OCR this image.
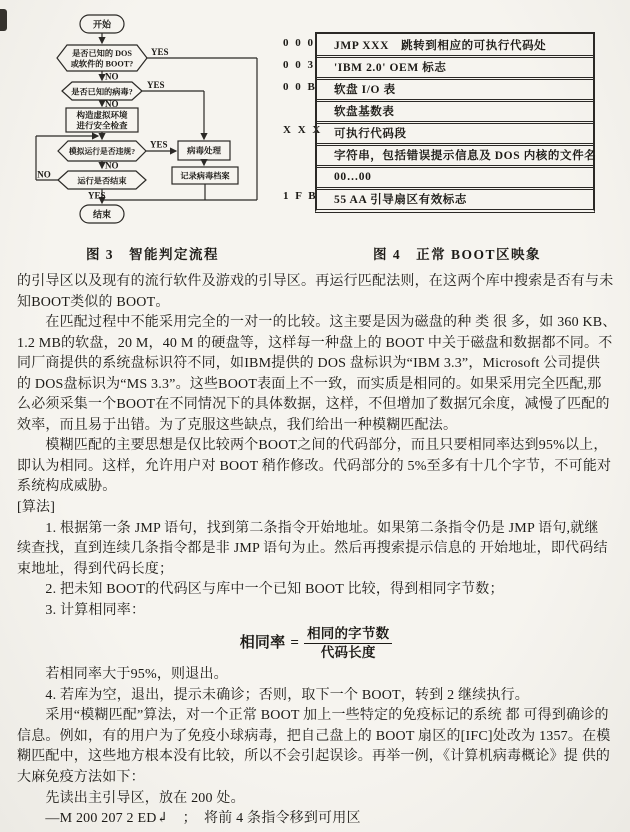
开始
是否已知的 DOS
或软件的 BOOT?
YES
NO
是否已知的病毒?
YES
NO
构造虚拟环境
进行安全检查
模拟运行是否违规?
YES
NO
病毒处理
记录病毒档案
运行是否结束
NO
YES
结束
图 3　智能判定流程
0 0 0
0 0 3
0 0 B
X X X
1 F B
JMP XXX　跳转到相应的可执行代码处
'IBM 2.0' OEM 标志
软盘 I/O 表
软盘基数表
可执行代码段
字符串，包括错误提示信息及 DOS 内核的文件名
00…00
55 AA 引导扇区有效标志
图 4　正常 BOOT区映象
的引导区以及现有的流行软件及游戏的引导区。再运行匹配法则，在这两个库中搜索是否有与未
知BOOT类似的 BOOT。
　　在匹配过程中不能采用完全的一对一的比较。这主要是因为磁盘的种 类 很 多，如 360 KB、
1.2 MB的软盘，20 M，40 M 的硬盘等，这样每一种盘上的 BOOT 中关于磁盘和数据都不同。不
同厂商提供的系统盘标识符不同，如IBM提供的 DOS 盘标识为“IBM 3.3”，Microsoft 公司提供
的 DOS盘标识为“MS 3.3”。这些BOOT表面上不一致，而实质是相同的。如果采用完全匹配,那
么必须采集一个BOOT在不同情况下的具体数据，这样，不但增加了数据冗余度，减慢了匹配的
效率，而且易于出错。为了克服这些缺点，我们给出一种模糊匹配法。
　　模糊匹配的主要思想是仅比较两个BOOT之间的代码部分，而且只要相同率达到95%以上，
即认为相同。这样，允许用户对 BOOT 稍作修改。代码部分的 5%至多有十几个字节，不可能对
系统构成威胁。
[算法]
　　1. 根据第一条 JMP 语句，找到第二条指令开始地址。如果第二条指令仍是 JMP 语句,就继
续查找，直到连续几条指令都是非 JMP 语句为止。然后再搜索提示信息的 开始地址，即代码结
束地址，得到代码长度；
　　2. 把未知 BOOT的代码区与库中一个已知 BOOT 比较，得到相同字节数；
　　3. 计算相同率：
相同率 = $\frac{\text{相同的字节数}}{\text{代码长度}}$
　　若相同率大于95%，则退出。
　　4. 若库为空，退出，提示未确诊；否则，取下一个 BOOT，转到 2 继续执行。
　　采用“模糊匹配”算法，对一个正常 BOOT 加上一些特定的免疫标记的系统 都 可得到确诊的
信息。例如，有的用户为了免疫小球病毒，把自己盘上的 BOOT 扇区的[IFC]处改为 1357。在模
糊匹配中，这些地方根本没有比较，所以不会引起误诊。再举一例，《计算机病毒概论》提 供的
大麻免疫方法如下：
　　先读出主引导区，放在 200 处。
　　—M 200 207 2 ED↲　；　将前 4 条指令移到可用区
